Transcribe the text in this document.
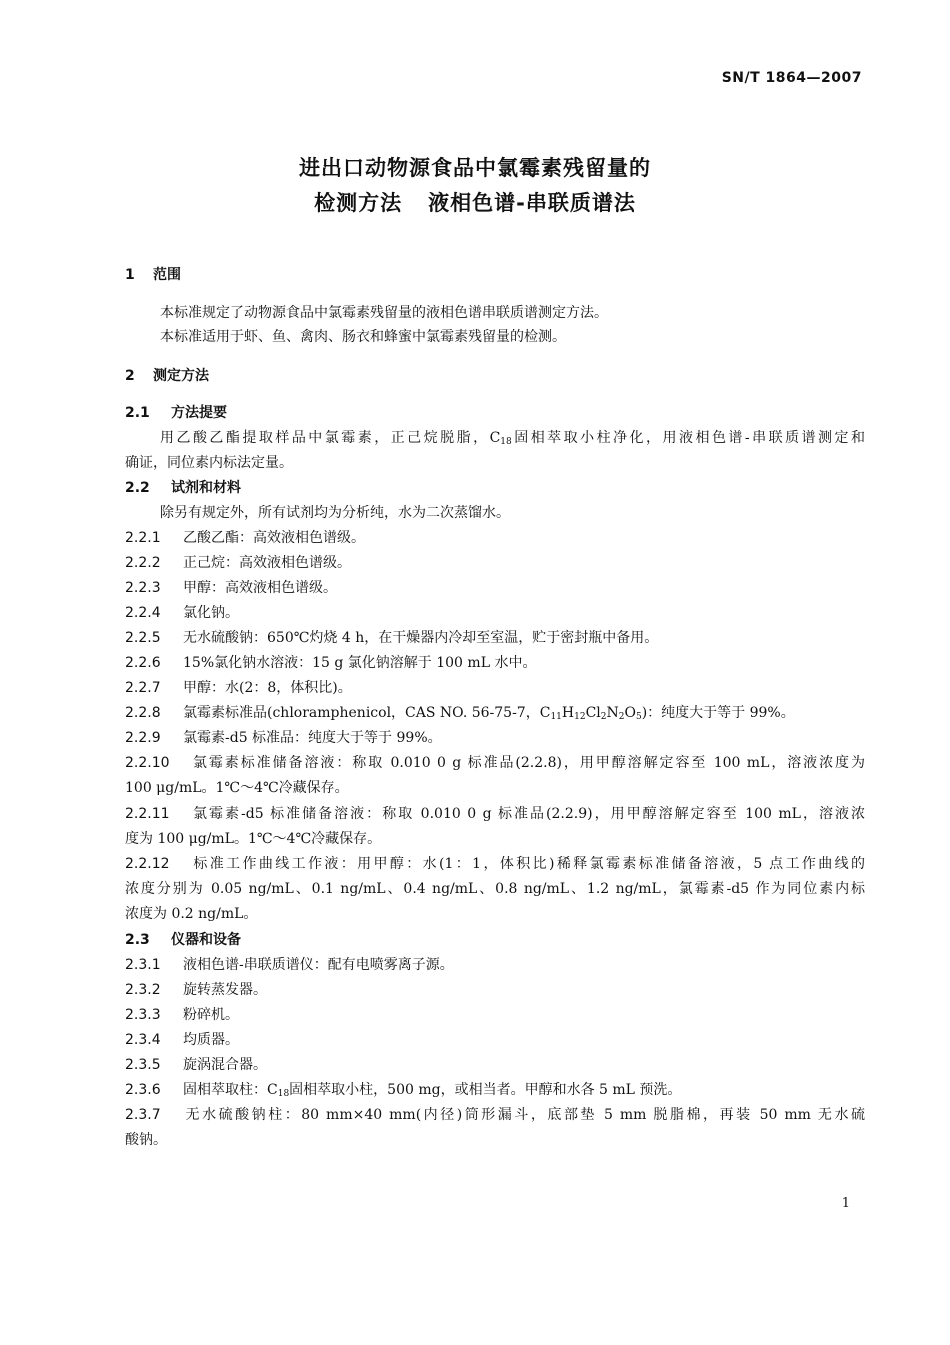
SN/T 1864—2007
进出口动物源食品中氯霉素残留量的
检测方法 液相色谱-串联质谱法
1 范围
本标准规定了动物源食品中氯霉素残留量的液相色谱串联质谱测定方法。
本标准适用于虾、鱼、禽肉、肠衣和蜂蜜中氯霉素残留量的检测。
2 测定方法
2.1 方法提要
用乙酸乙酯提取样品中氯霉素，正己烷脱脂，$C_{18}$固相萃取小柱净化，用液相色谱-串联质谱测定和
确证，同位素内标法定量。
2.2 试剂和材料
除另有规定外，所有试剂均为分析纯，水为二次蒸馏水。
2.2.1 乙酸乙酯：高效液相色谱级。
2.2.2 正己烷：高效液相色谱级。
2.2.3 甲醇：高效液相色谱级。
2.2.4 氯化钠。
2.2.5 无水硫酸钠：650℃灼烧 4 h，在干燥器内冷却至室温，贮于密封瓶中备用。
2.2.6 15%氯化钠水溶液：15 g 氯化钠溶解于 100 mL 水中。
2.2.7 甲醇：水(2：8，体积比)。
2.2.8 氯霉素标准品(chloramphenicol，CAS NO. 56-75-7，$C_{11}H_{12}Cl_2N_2O_5$)：纯度大于等于 99%。
2.2.9 氯霉素-d5 标准品：纯度大于等于 99%。
2.2.10 氯霉素标准储备溶液：称取 0.010 0 g 标准品(2.2.8)，用甲醇溶解定容至 100 mL，溶液浓度为
100 μg/mL。1℃～4℃冷藏保存。
2.2.11 氯霉素-d5 标准储备溶液：称取 0.010 0 g 标准品(2.2.9)，用甲醇溶解定容至 100 mL，溶液浓
度为 100 μg/mL。1℃～4℃冷藏保存。
2.2.12 标准工作曲线工作液：用甲醇：水(1：1，体积比)稀释氯霉素标准储备溶液，5 点工作曲线的
浓度分别为 0.05 ng/mL、0.1 ng/mL、0.4 ng/mL、0.8 ng/mL、1.2 ng/mL，氯霉素-d5 作为同位素内标
浓度为 0.2 ng/mL。
2.3 仪器和设备
2.3.1 液相色谱-串联质谱仪：配有电喷雾离子源。
2.3.2 旋转蒸发器。
2.3.3 粉碎机。
2.3.4 均质器。
2.3.5 旋涡混合器。
2.3.6 固相萃取柱：$C_{18}$固相萃取小柱，500 mg，或相当者。甲醇和水各 5 mL 预洗。
2.3.7 无水硫酸钠柱：80 mm×40 mm(内径)筒形漏斗，底部垫 5 mm 脱脂棉，再装 50 mm 无水硫
酸钠。
1
